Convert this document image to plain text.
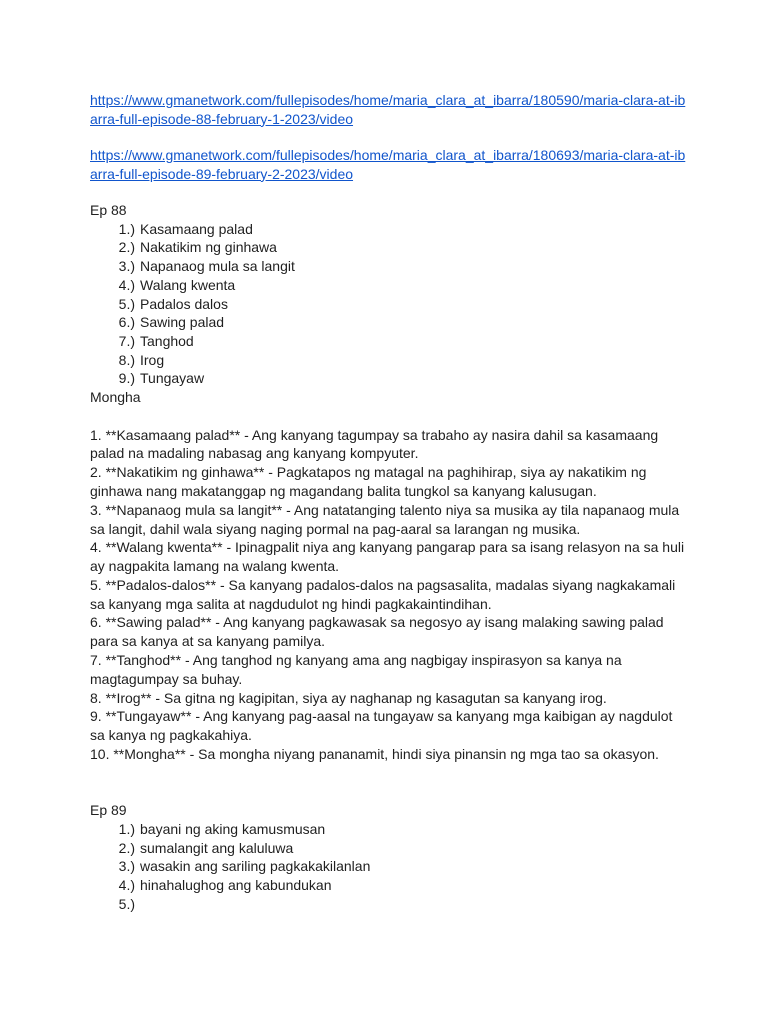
https://www.gmanetwork.com/fullepisodes/home/maria_clara_at_ibarra/180590/maria-clara-at-ibarra-full-episode-88-february-1-2023/video
https://www.gmanetwork.com/fullepisodes/home/maria_clara_at_ibarra/180693/maria-clara-at-ibarra-full-episode-89-february-2-2023/video

Ep 88

1.) Kasamaang palad
2.) Nakatikim ng ginhawa
3.) Napanaog mula sa langit
4.) Walang kwenta
5.) Padalos dalos
6.) Sawing palad
7.) Tanghod
8.) Irog
9.) Tungayaw

Mongha

1. **Kasamaang palad** - Ang kanyang tagumpay sa trabaho ay nasira dahil sa kasamaang palad na madaling nabasag ang kanyang kompyuter.

2. **Nakatikim ng ginhawa** - Pagkatapos ng matagal na paghihirap, siya ay nakatikim ng ginhawa nang makatanggap ng magandang balita tungkol sa kanyang kalusugan.

3. **Napanaog mula sa langit** - Ang natatanging talento niya sa musika ay tila napanaog mula sa langit, dahil wala siyang naging pormal na pag-aaral sa larangan ng musika.

4. **Walang kwenta** - Ipinagpalit niya ang kanyang pangarap para sa isang relasyon na sa huli ay nagpakita lamang na walang kwenta.

5. **Padalos-dalos** - Sa kanyang padalos-dalos na pagsasalita, madalas siyang nagkakamali sa kanyang mga salita at nagdudulot ng hindi pagkakaintindihan.

6. **Sawing palad** - Ang kanyang pagkawasak sa negosyo ay isang malaking sawing palad para sa kanya at sa kanyang pamilya.

7. **Tanghod** - Ang tanghod ng kanyang ama ang nagbigay inspirasyon sa kanya na magtagumpay sa buhay.

8. **Irog** - Sa gitna ng kagipitan, siya ay naghanap ng kasagutan sa kanyang irog.

9. **Tungayaw** - Ang kanyang pag-aasal na tungayaw sa kanyang mga kaibigan ay nagdulot sa kanya ng pagkakahiya.

10. **Mongha** - Sa mongha niyang pananamit, hindi siya pinansin ng mga tao sa okasyon.

Ep 89

1.) bayani ng aking kamusmusan
2.) sumalangit ang kaluluwa
3.) wasakin ang sariling pagkakakilanlan
4.) hinahalughog ang kabundukan
5.)
